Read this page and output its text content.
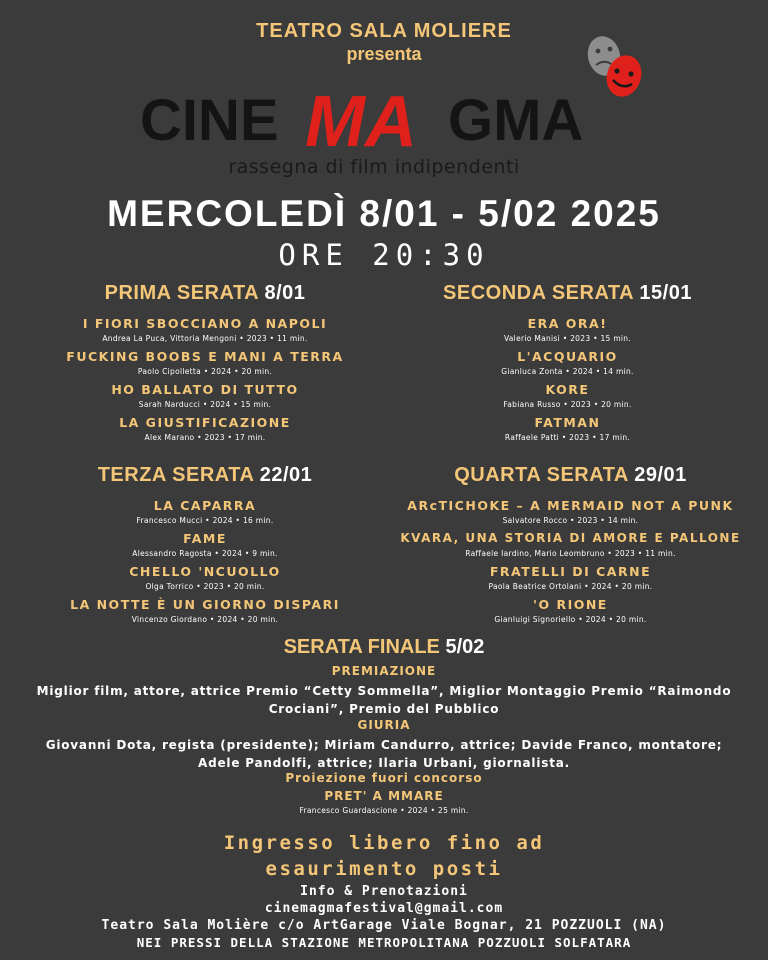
TEATRO SALA MOLIERE
presenta
CINE MA GMA
rassegna di film indipendenti
MERCOLEDÌ 8/01 - 5/02 2025
ORE 20:30
PRIMA SERATA 8/01
I FIORI SBOCCIANO A NAPOLI
Andrea La Puca, Vittoria Mengoni • 2023 • 11 min.
FUCKING BOOBS E MANI A TERRA
Paolo Cipolletta • 2024 • 20 min.
HO BALLATO DI TUTTO
Sarah Narducci • 2024 • 15 min.
LA GIUSTIFICAZIONE
Alex Marano • 2023 • 17 min.
SECONDA SERATA 15/01
ERA ORA!
Valerio Manisi • 2023 • 15 min.
L'ACQUARIO
Gianluca Zonta • 2024 • 14 min.
KORE
Fabiana Russo • 2023 • 20 min.
FATMAN
Raffaele Patti • 2023 • 17 min.
TERZA SERATA 22/01
LA CAPARRA
Francesco Mucci • 2024 • 16 min.
FAME
Alessandro Ragosta • 2024 • 9 min.
CHELLO 'NCUOLLO
Olga Torrico • 2023 • 20 min.
LA NOTTE È UN GIORNO DISPARI
Vincenzo Giordano • 2024 • 20 min.
QUARTA SERATA 29/01
ARcTICHOKE – A MERMAID NOT A PUNK
Salvatore Rocco • 2023 • 14 min.
KVARA, UNA STORIA DI AMORE E PALLONE
Raffaele Iardino, Mario Leombruno • 2023 • 11 min.
FRATELLI DI CARNE
Paola Beatrice Ortolani • 2024 • 20 min.
'O RIONE
Gianluigi Signoriello • 2024 • 20 min.
SERATA FINALE 5/02
PREMIAZIONE
Miglior film, attore, attrice Premio “Cetty Sommella”, Miglior Montaggio Premio “Raimondo
Crociani”, Premio del Pubblico
GIURIA
Giovanni Dota, regista (presidente); Miriam Candurro, attrice; Davide Franco, montatore;
Adele Pandolfi, attrice; Ilaria Urbani, giornalista.
Proiezione fuori concorso
PRET' A MMARE
Francesco Guardascione • 2024 • 25 min.
Ingresso libero fino ad
esaurimento posti
Info & Prenotazioni
cinemagmafestival@gmail.com
Teatro Sala Molière c/o ArtGarage Viale Bognar, 21 POZZUOLI (NA)
NEI PRESSI DELLA STAZIONE METROPOLITANA POZZUOLI SOLFATARA
